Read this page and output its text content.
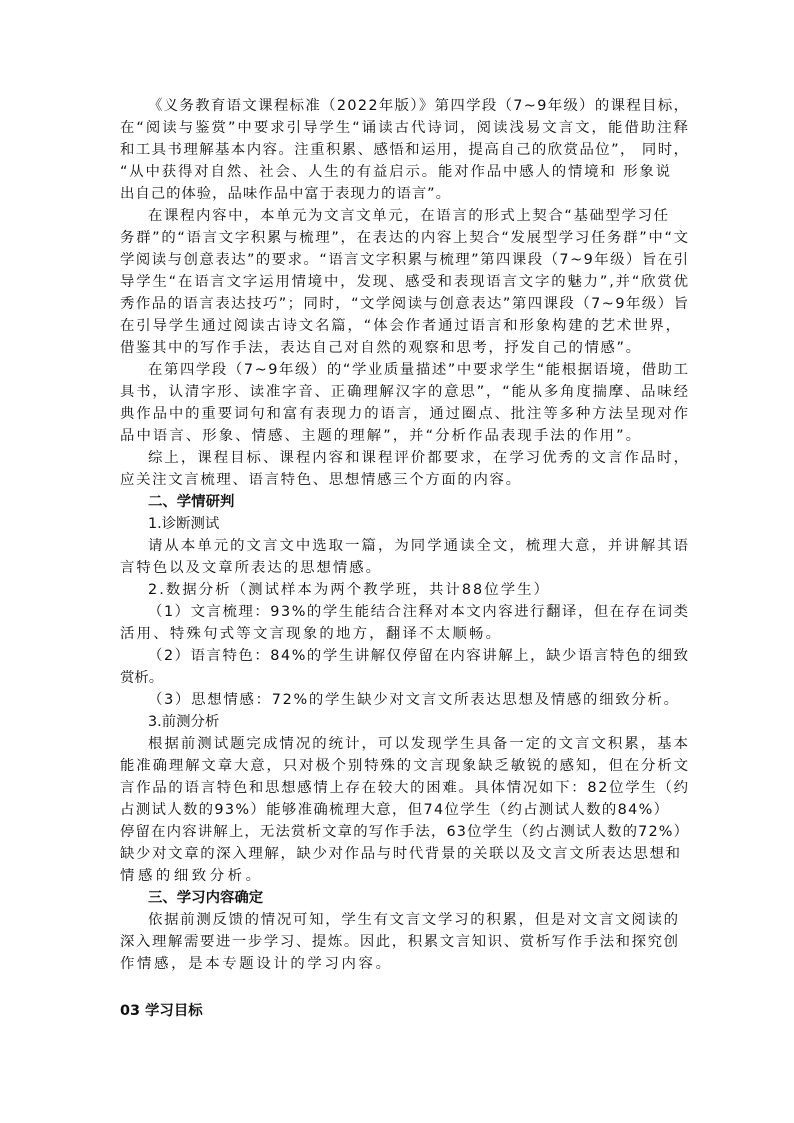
《义务教育语文课程标准（2022年版）》第四学段（7~9年级）的课程目标，
在“阅读与鉴赏”中要求引导学生“诵读古代诗词，阅读浅易文言文，能借助注释
和工具书理解基本内容。注重积累、感悟和运用，提高自己的欣赏品位”， 同时，
“从中获得对自然、社会、人生的有益启示。能对作品中感人的情境和 形象说
出自己的体验，品味作品中富于表现力的语言”。
在课程内容中，本单元为文言文单元，在语言的形式上契合“基础型学习任
务群”的“语言文字积累与梳理”，在表达的内容上契合“发展型学习任务群”中“文
学阅读与创意表达”的要求。“语言文字积累与梳理”第四课段（7~9年级）旨在引
导学生“在语言文字运用情境中，发现、感受和表现语言文字的魅力”,并“欣赏优
秀作品的语言表达技巧”；同时，“文学阅读与创意表达”第四课段（7~9年级）旨
在引导学生通过阅读古诗文名篇，“体会作者通过语言和形象构建的艺术世界，
借鉴其中的写作手法，表达自己对自然的观察和思考，抒发自己的情感”。
在第四学段（7~9年级）的“学业质量描述”中要求学生“能根据语境，借助工
具书，认清字形、读准字音、正确理解汉字的意思”，“能从多角度揣摩、品味经
典作品中的重要词句和富有表现力的语言，通过圈点、批注等多种方法呈现对作
品中语言、形象、情感、主题的理解”，并“分析作品表现手法的作用”。
综上，课程目标、课程内容和课程评价都要求，在学习优秀的文言作品时，
应关注文言梳理、语言特色、思想情感三个方面的内容。
二、学情研判
1.诊断测试
请从本单元的文言文中选取一篇，为同学通读全文，梳理大意，并讲解其语
言特色以及文章所表达的思想情感。
2.数据分析（测试样本为两个教学班，共计88位学生）
（1）文言梳理：93%的学生能结合注释对本文内容进行翻译，但在存在词类
活用、特殊句式等文言现象的地方，翻译不太顺畅。
（2）语言特色：84%的学生讲解仅停留在内容讲解上，缺少语言特色的细致
赏析。
（3）思想情感：72%的学生缺少对文言文所表达思想及情感的细致分析。
3.前测分析
根据前测试题完成情况的统计，可以发现学生具备一定的文言文积累，基本
能准确理解文章大意，只对极个别特殊的文言现象缺乏敏锐的感知，但在分析文
言作品的语言特色和思想感情上存在较大的困难。具体情况如下：82位学生（约
占测试人数的93%）能够准确梳理大意，但74位学生（约占测试人数的84%）
停留在内容讲解上，无法赏析文章的写作手法，63位学生（约占测试人数的72%）
缺少对文章的深入理解，缺少对作品与时代背景的关联以及文言文所表达思想和
情感的细致分析。
三、学习内容确定
依据前测反馈的情况可知，学生有文言文学习的积累，但是对文言文阅读的
深入理解需要进一步学习、提炼。因此，积累文言知识、赏析写作手法和探究创
作情感，是本专题设计的学习内容。
03 学习目标
